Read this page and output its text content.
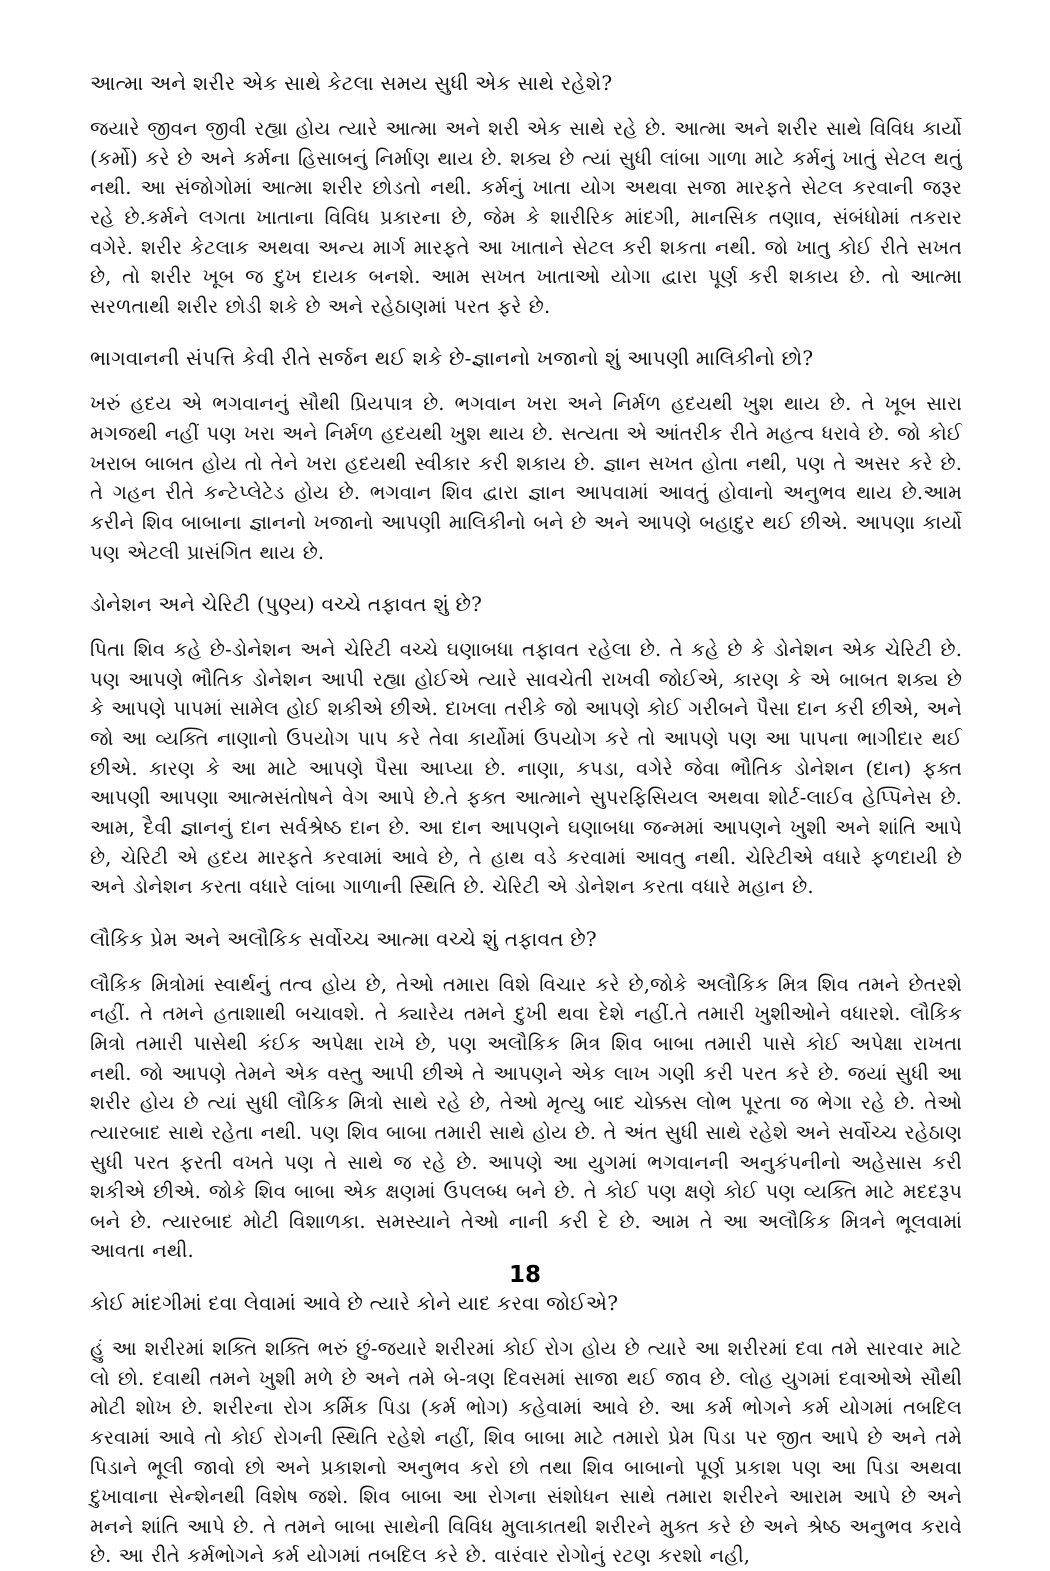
આત્મા અને શરીર એક સાથે કેટલા સમય સુધી એક સાથે રહેશે?

જયારે જીવન જીવી રહ્યા હોય ત્યારે આત્મા અને શરી એક સાથે રહે છે. આત્મા અને શરીર સાથે વિવિધ કાર્યો (કર્મો) કરે છે અને કર્મના હિસાબનું નિર્માણ થાય છે. શક્ય છે ત્યાં સુધી લાંબા ગાળા માટે કર્મનું ખાતું સેટલ થતું નથી. આ સંજોગોમાં આત્મા શરીર છોડતો નથી. કર્મનું ખાતા યોગ અથવા સજા મારફતે સેટલ કરવાની જરૂર રહે છે.કર્મને લગતા ખાતાના વિવિધ પ્રકારના છે, જેમ કે શારીરિક માંદગી, માનસિક તણાવ, સંબંધોમાં તકરાર વગેરે. શરીર કેટલાક અથવા અન્ય માર્ગ મારફતે આ ખાતાને સેટલ કરી શકતા નથી. જો ખાતુ કોઈ રીતે સખત છે, તો શરીર ખૂબ જ દુખ દાયક બનશે. આમ સખત ખાતાઓ યોગા દ્વારા પૂર્ણ કરી શકાય છે. તો આત્મા સરળતાથી શરીર છોડી શકે છે અને રહેઠાણમાં પરત ફરે છે.

ભાગવાનની સંપત્તિ કેવી રીતે સર્જન થઈ શકે છે-જ્ઞાનનો ખજાનો શું આપણી માલિકીનો છો?

ખરું હદય એ ભગવાનનું સૌથી પ્રિયપાત્ર છે. ભગવાન ખરા અને નિર્મળ હદયથી ખુશ થાય છે. તે ખૂબ સારા મગજથી નહીં પણ ખરા અને નિર્મળ હદયથી ખુશ થાય છે. સત્યતા એ આંતરીક રીતે મહત્વ ધરાવે છે. જો કોઈ ખરાબ બાબત હોય તો તેને ખરા હદયથી સ્વીકાર કરી શકાય છે. જ્ઞાન સખત હોતા નથી, પણ તે અસર કરે છે. તે ગહન રીતે કન્ટેપ્લેટેડ હોય છે. ભગવાન શિવ દ્વારા જ્ઞાન આપવામાં આવતું હોવાનો અનુભવ થાય છે.આમ કરીને શિવ બાબાના જ્ઞાનનો ખજાનો આપણી માલિકીનો બને છે અને આપણે બહાદુર થઈ છીએ. આપણા કાર્યો પણ એટલી પ્રાસંગિત થાય છે.

ડોનેશન અને ચેરિટી (પુણ્ય) વચ્ચે તફાવત શું છે?

પિતા શિવ કહે છે-ડોનેશન અને ચેરિટી વચ્ચે ઘણાબધા તફાવત રહેલા છે. તે કહે છે કે ડોનેશન એક ચેરિટી છે. પણ આપણે ભૌતિક ડોનેશન આપી રહ્યા હોઈએ ત્યારે સાવચેતી રાખવી જોઈએ, કારણ કે એ બાબત શક્ય છે કે આપણે પાપમાં સામેલ હોઈ શકીએ છીએ. દાખલા તરીકે જો આપણે કોઈ ગરીબને પૈસા દાન કરી છીએ, અને જો આ વ્યક્તિ નાણાનો ઉપયોગ પાપ કરે તેવા કાર્યોમાં ઉપયોગ કરે તો આપણે પણ આ પાપના ભાગીદાર થઈ છીએ. કારણ કે આ માટે આપણે પૈસા આપ્યા છે. નાણા, કપડા, વગેરે જેવા ભૌતિક ડોનેશન (દાન) ફક્ત આપણી આપણા આત્મસંતોષને વેગ આપે છે.તે ફક્ત આત્માને સુપરફિસિયલ અથવા શોર્ટ-લાઈવ હેપ્પિનેસ છે. આમ, દૈવી જ્ઞાનનું દાન સર્વશ્રેષ્ઠ દાન છે. આ દાન આપણને ઘણાબધા જન્મમાં આપણને ખુશી અને શાંતિ આપે છે, ચેરિટી એ હદય મારફતે કરવામાં આવે છે, તે હાથ વડે કરવામાં આવતુ નથી. ચેરિટીએ વધારે ફળદાયી છે અને ડોનેશન કરતા વધારે લાંબા ગાળાની સ્થિતિ છે. ચેરિટી એ ડોનેશન કરતા વધારે મહાન છે.

લૌકિક પ્રેમ અને અલૌકિક સર્વોચ્ચ આત્મા વચ્ચે શું તફાવત છે?

લૌકિક મિત્રોમાં સ્વાર્થનું તત્વ હોય છે, તેઓ તમારા વિશે વિચાર કરે છે,જોકે અલૌકિક મિત્ર શિવ તમને છેતરશે નહીં. તે તમને હતાશાથી બચાવશે. તે ક્યારેય તમને દુખી થવા દેશે નહીં.તે તમારી ખુશીઓને વધારશે. લૌકિક મિત્રો તમારી પાસેથી કંઈક અપેક્ષા રાખે છે, પણ અલૌકિક મિત્ર શિવ બાબા તમારી પાસે કોઈ અપેક્ષા રાખતા નથી. જો આપણે તેમને એક વસ્તુ આપી છીએ તે આપણને એક લાખ ગણી કરી પરત કરે છે. જયાં સુધી આ શરીર હોય છે ત્યાં સુધી લૌકિક મિત્રો સાથે રહે છે, તેઓ મૃત્યુ બાદ ચોક્કસ લોભ પૂરતા જ ભેગા રહે છે. તેઓ ત્યારબાદ સાથે રહેતા નથી. પણ શિવ બાબા તમારી સાથે હોય છે. તે અંત સુધી સાથે રહેશે અને સર્વોચ્ચ રહેઠાણ સુધી પરત ફરતી વખતે પણ તે સાથે જ રહે છે. આપણે આ યુગમાં ભગવાનની અનુકંપનીનો અહેસાસ કરી શકીએ છીએ. જોકે શિવ બાબા એક ક્ષણમાં ઉપલબ્ધ બને છે. તે કોઈ પણ ક્ષણે કોઈ પણ વ્યક્તિ માટે મદદરૂપ બને છે. ત્યારબાદ મોટી વિશાળકા. સમસ્યાને તેઓ નાની કરી દે છે. આમ તે આ અલૌકિક મિત્રને ભૂલવામાં આવતા નથી.

કોઈ માંદગીમાં દવા લેવામાં આવે છે ત્યારે કોને યાદ કરવા જોઈએ?

હું આ શરીરમાં શક્તિ શક્તિ ભરું છું-જયારે શરીરમાં કોઈ રોગ હોય છે ત્યારે આ શરીરમાં દવા તમે સારવાર માટે લો છો. દવાથી તમને ખુશી મળે છે અને તમે બે-ત્રણ દિવસમાં સાજા થઈ જાવ છે. લોહ યુગમાં દવાઓએ સૌથી મોટી શોખ છે. શરીરના રોગ કર્મિક પિડા (કર્મ ભોગ) કહેવામાં આવે છે. આ કર્મ ભોગને કર્મ યોગમાં તબદિલ કરવામાં આવે તો કોઈ રોગની સ્થિતિ રહેશે નહીં, શિવ બાબા માટે તમારો પ્રેમ પિડા પર જીત આપે છે અને તમે પિડાને ભૂલી જાવો છો અને પ્રકાશનો અનુભવ કરો છો તથા શિવ બાબાનો પૂર્ણ પ્રકાશ પણ આ પિડા અથવા દુખાવાના સેન્શેનથી વિશેષ જશે. શિવ બાબા આ રોગના સંશોધન સાથે તમારા શરીરને આરામ આપે છે અને મનને શાંતિ આપે છે. તે તમને બાબા સાથેની વિવિધ મુલાકાતથી શરીરને મુક્ત કરે છે અને શ્રેષ્ઠ અનુભવ કરાવે છે. આ રીતે કર્મભોગને કર્મ યોગમાં તબદિલ કરે છે. વારંવાર રોગોનું રટણ કરશો નહી,

18
